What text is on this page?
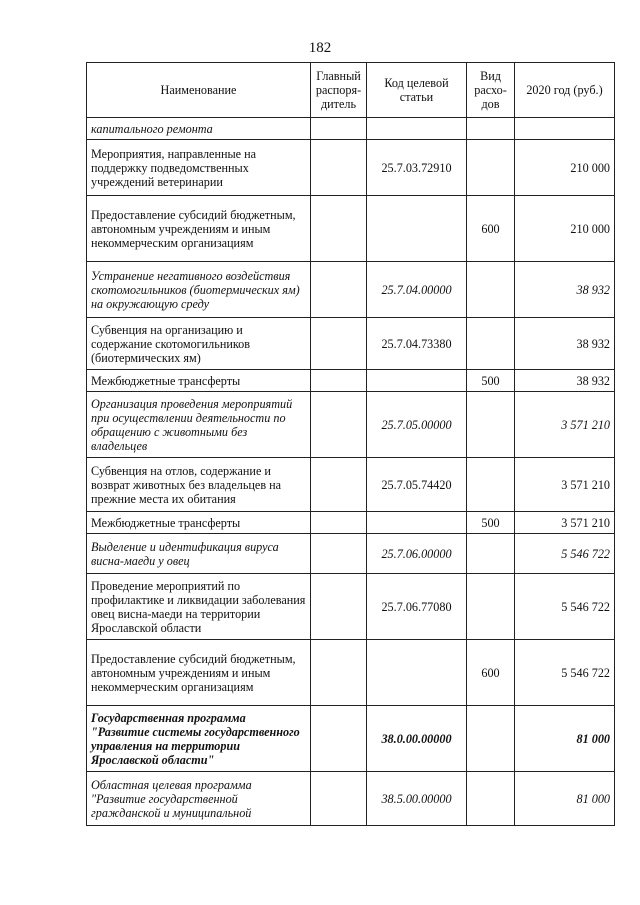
182
Наименование	Главный распоря-дитель	Код целевой статьи	Вид расхо-дов	2020 год (руб.)
капитального ремонта				
Мероприятия, направленные на поддержку подведомственных учреждений ветеринарии		25.7.03.72910		210 000
Предоставление субсидий бюджетным, автономным учреждениям и иным некоммерческим организациям			600	210 000
Устранение негативного воздействия скотомогильников (биотермических ям) на окружающую среду		25.7.04.00000		38 932
Субвенция на организацию и содержание скотомогильников (биотермических ям)		25.7.04.73380		38 932
Межбюджетные трансферты			500	38 932
Организация проведения мероприятий при осуществлении деятельности по обращению с животными без владельцев		25.7.05.00000		3 571 210
Субвенция на отлов, содержание и возврат животных без владельцев на прежние места их обитания		25.7.05.74420		3 571 210
Межбюджетные трансферты			500	3 571 210
Выделение и идентификация вируса висна-маеди у овец		25.7.06.00000		5 546 722
Проведение мероприятий по профилактике и ликвидации заболевания овец висна-маеди на территории Ярославской области		25.7.06.77080		5 546 722
Предоставление субсидий бюджетным, автономным учреждениям и иным некоммерческим организациям			600	5 546 722
Государственная программа "Развитие системы государственного управления на территории Ярославской области"		38.0.00.00000		81 000
Областная целевая программа "Развитие государственной гражданской и муниципальной		38.5.00.00000		81 000
